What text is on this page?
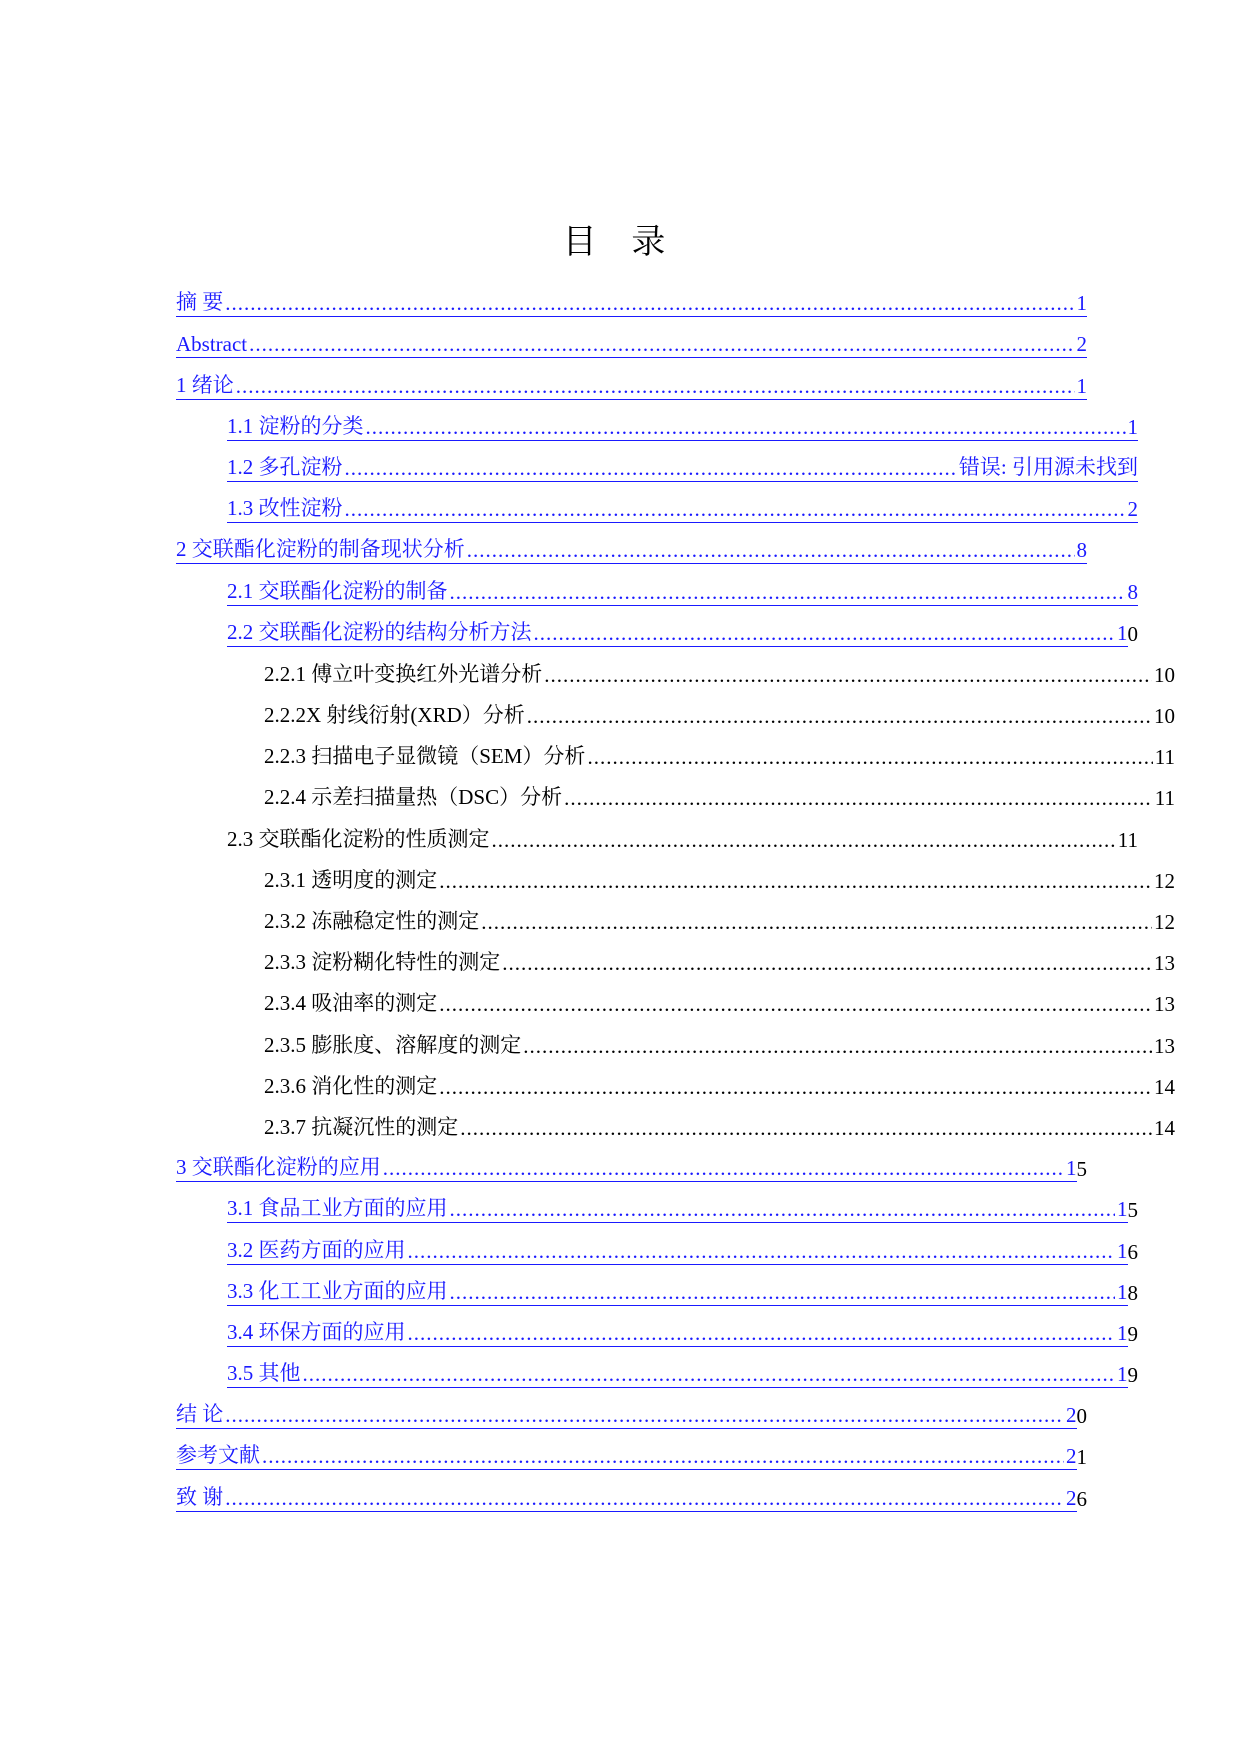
目 录
摘 要 .....	1
Abstract .....	2
1 绪论 .....	1
1.1 淀粉的分类 .....	1
1.2 多孔淀粉 .....	错误: 引用源未找到
1.3 改性淀粉 .....	2
2 交联酯化淀粉的制备现状分析 .....	8
2.1 交联酯化淀粉的制备 .....	8
2.2 交联酯化淀粉的结构分析方法 .....	1 0
2.2.1 傅立叶变换红外光谱分析 .....	10
2.2.2X 射线衍射(XRD）分析 .....	10
2.2.3 扫描电子显微镜（SEM）分析 .....	11
2.2.4 示差扫描量热（DSC）分析 .....	11
2.3 交联酯化淀粉的性质测定 .....	11
2.3.1 透明度的测定 .....	12
2.3.2 冻融稳定性的测定 .....	12
2.3.3 淀粉糊化特性的测定 .....	13
2.3.4 吸油率的测定 .....	13
2.3.5 膨胀度、溶解度的测定 .....	13
2.3.6 消化性的测定 .....	14
2.3.7 抗凝沉性的测定 .....	14
3 交联酯化淀粉的应用 .....	1 5
3.1 食品工业方面的应用 .....	1 5
3.2 医药方面的应用 .....	1 6
3.3 化工工业方面的应用 .....	1 8
3.4 环保方面的应用 .....	1 9
3.5 其他 .....	1 9
结 论 .....	2 0
参考文献 .....	2 1
致 谢 .....	2 6
